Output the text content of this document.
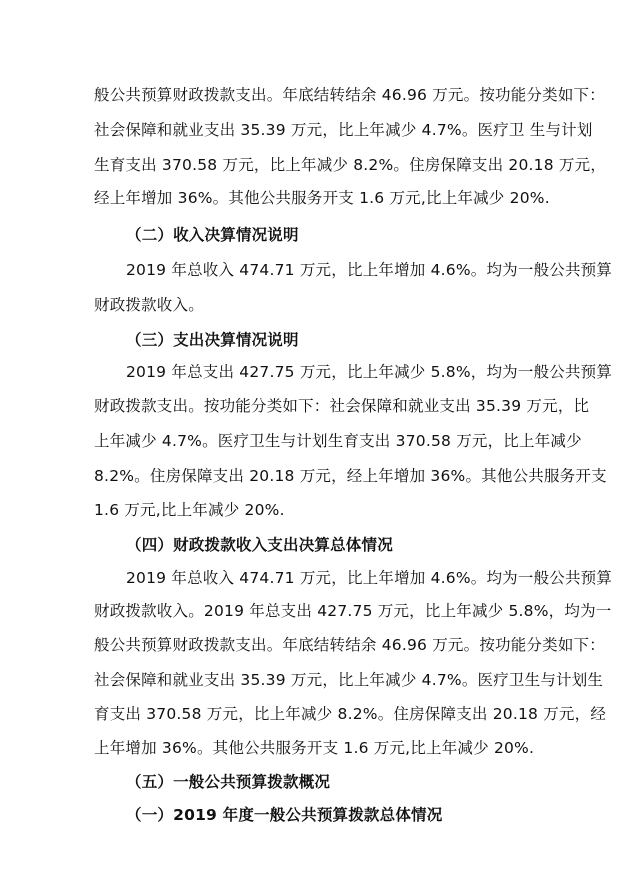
般公共预算财政拨款支出。年底结转结余 46.96 万元。按功能分类如下：
社会保障和就业支出 35.39 万元，比上年减少 4.7%。医疗卫 生与计划
生育支出 370.58 万元，比上年减少 8.2%。住房保障支出 20.18 万元，
经上年增加 36%。其他公共服务开支 1.6 万元,比上年减少 20%.
（二）收入决算情况说明
2019 年总收入 474.71 万元，比上年增加 4.6%。均为一般公共预算
财政拨款收入。
（三）支出决算情况说明
2019 年总支出 427.75 万元，比上年减少 5.8%，均为一般公共预算
财政拨款支出。按功能分类如下：社会保障和就业支出 35.39 万元，比
上年减少 4.7%。医疗卫生与计划生育支出 370.58 万元，比上年减少
8.2%。住房保障支出 20.18 万元，经上年增加 36%。其他公共服务开支
1.6 万元,比上年减少 20%.
（四）财政拨款收入支出决算总体情况
2019 年总收入 474.71 万元，比上年增加 4.6%。均为一般公共预算
财政拨款收入。2019 年总支出 427.75 万元，比上年减少 5.8%，均为一
般公共预算财政拨款支出。年底结转结余 46.96 万元。按功能分类如下：
社会保障和就业支出 35.39 万元，比上年减少 4.7%。医疗卫生与计划生
育支出 370.58 万元，比上年减少 8.2%。住房保障支出 20.18 万元，经
上年增加 36%。其他公共服务开支 1.6 万元,比上年减少 20%.
（五）一般公共预算拨款概况
（一）2019 年度一般公共预算拨款总体情况
